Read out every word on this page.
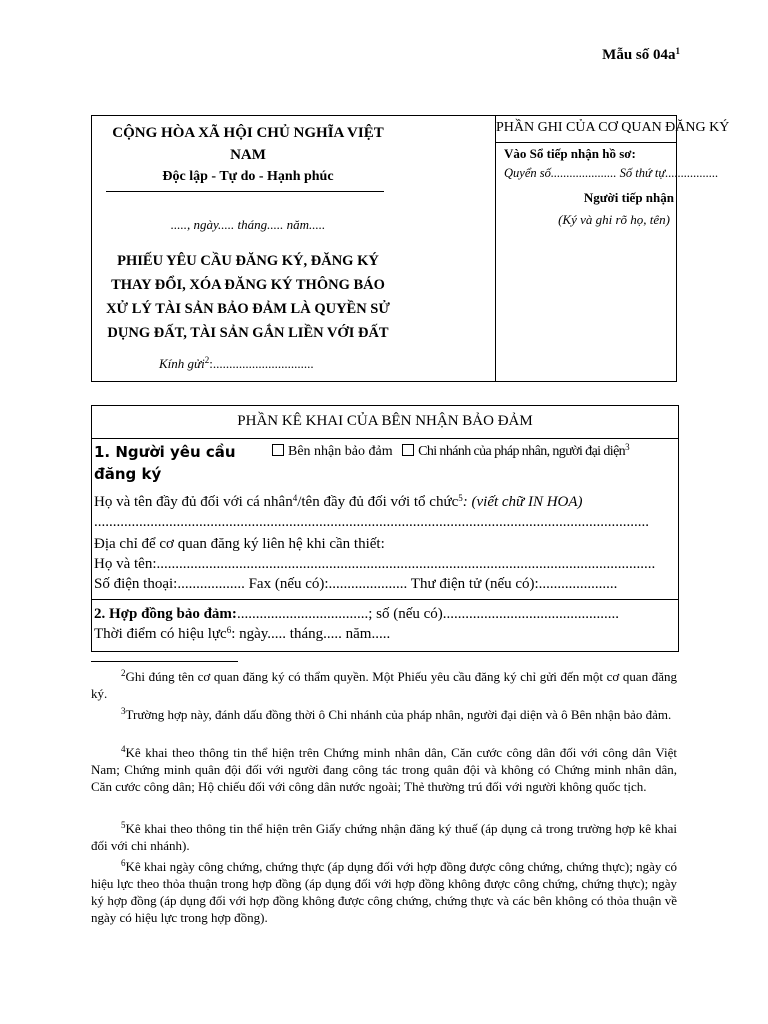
Mẫu số $04a^1$
CỘNG HÒA XÃ HỘI CHỦ NGHĨA VIỆT
NAM
Độc lập - Tự do - Hạnh phúc
....., ngày..... tháng..... năm.....
PHIẾU YÊU CẦU ĐĂNG KÝ, ĐĂNG KÝ
THAY ĐỔI, XÓA ĐĂNG KÝ THÔNG BÁO
XỬ LÝ TÀI SẢN BẢO ĐẢM LÀ QUYỀN SỬ
DỤNG ĐẤT, TÀI SẢN GẮN LIỀN VỚI ĐẤT
Kính gửi$^2$:...............................
PHẦN GHI CỦA CƠ QUAN ĐĂNG KÝ
Vào Sổ tiếp nhận hồ sơ:
Quyển số..................... Số thứ tự.................
Người tiếp nhận
(Ký và ghi rõ họ, tên)
PHẦN KÊ KHAI CỦA BÊN NHẬN BẢO ĐẢM
1. Người yêu cầu
đăng ký
Bên nhận bảo đảm Chi nhánh của pháp nhân, người đại diện$^3$
Họ và tên đầy đủ đối với cá nhân$^4$/tên đầy đủ đối với tổ chức$^5$: (viết chữ IN HOA)
....................................................................................................................................................
Địa chỉ để cơ quan đăng ký liên hệ khi cần thiết:
Họ và tên:.....................................................................................................................................
Số điện thoại:.................. Fax (nếu có):..................... Thư điện tử (nếu có):.....................
2. Hợp đồng bảo đảm:...................................; số (nếu có)...............................................
Thời điểm có hiệu lực$^6$: ngày..... tháng..... năm.....
$^2$Ghi đúng tên cơ quan đăng ký có thẩm quyền. Một Phiếu yêu cầu đăng ký chỉ gửi đến một cơ quan đăng ký.
$^3$Trường hợp này, đánh dấu đồng thời ô Chi nhánh của pháp nhân, người đại diện và ô Bên nhận bảo đảm.
$^4$Kê khai theo thông tin thể hiện trên Chứng minh nhân dân, Căn cước công dân đối với công dân Việt Nam; Chứng minh quân đội đối với người đang công tác trong quân đội và không có Chứng minh nhân dân, Căn cước công dân; Hộ chiếu đối với công dân nước ngoài; Thẻ thường trú đối với người không quốc tịch.
$^5$Kê khai theo thông tin thể hiện trên Giấy chứng nhận đăng ký thuế (áp dụng cả trong trường hợp kê khai đối với chi nhánh).
$^6$Kê khai ngày công chứng, chứng thực (áp dụng đối với hợp đồng được công chứng, chứng thực); ngày có hiệu lực theo thỏa thuận trong hợp đồng (áp dụng đối với hợp đồng không được công chứng, chứng thực); ngày ký hợp đồng (áp dụng đối với hợp đồng không được công chứng, chứng thực và các bên không có thỏa thuận về ngày có hiệu lực trong hợp đồng).
